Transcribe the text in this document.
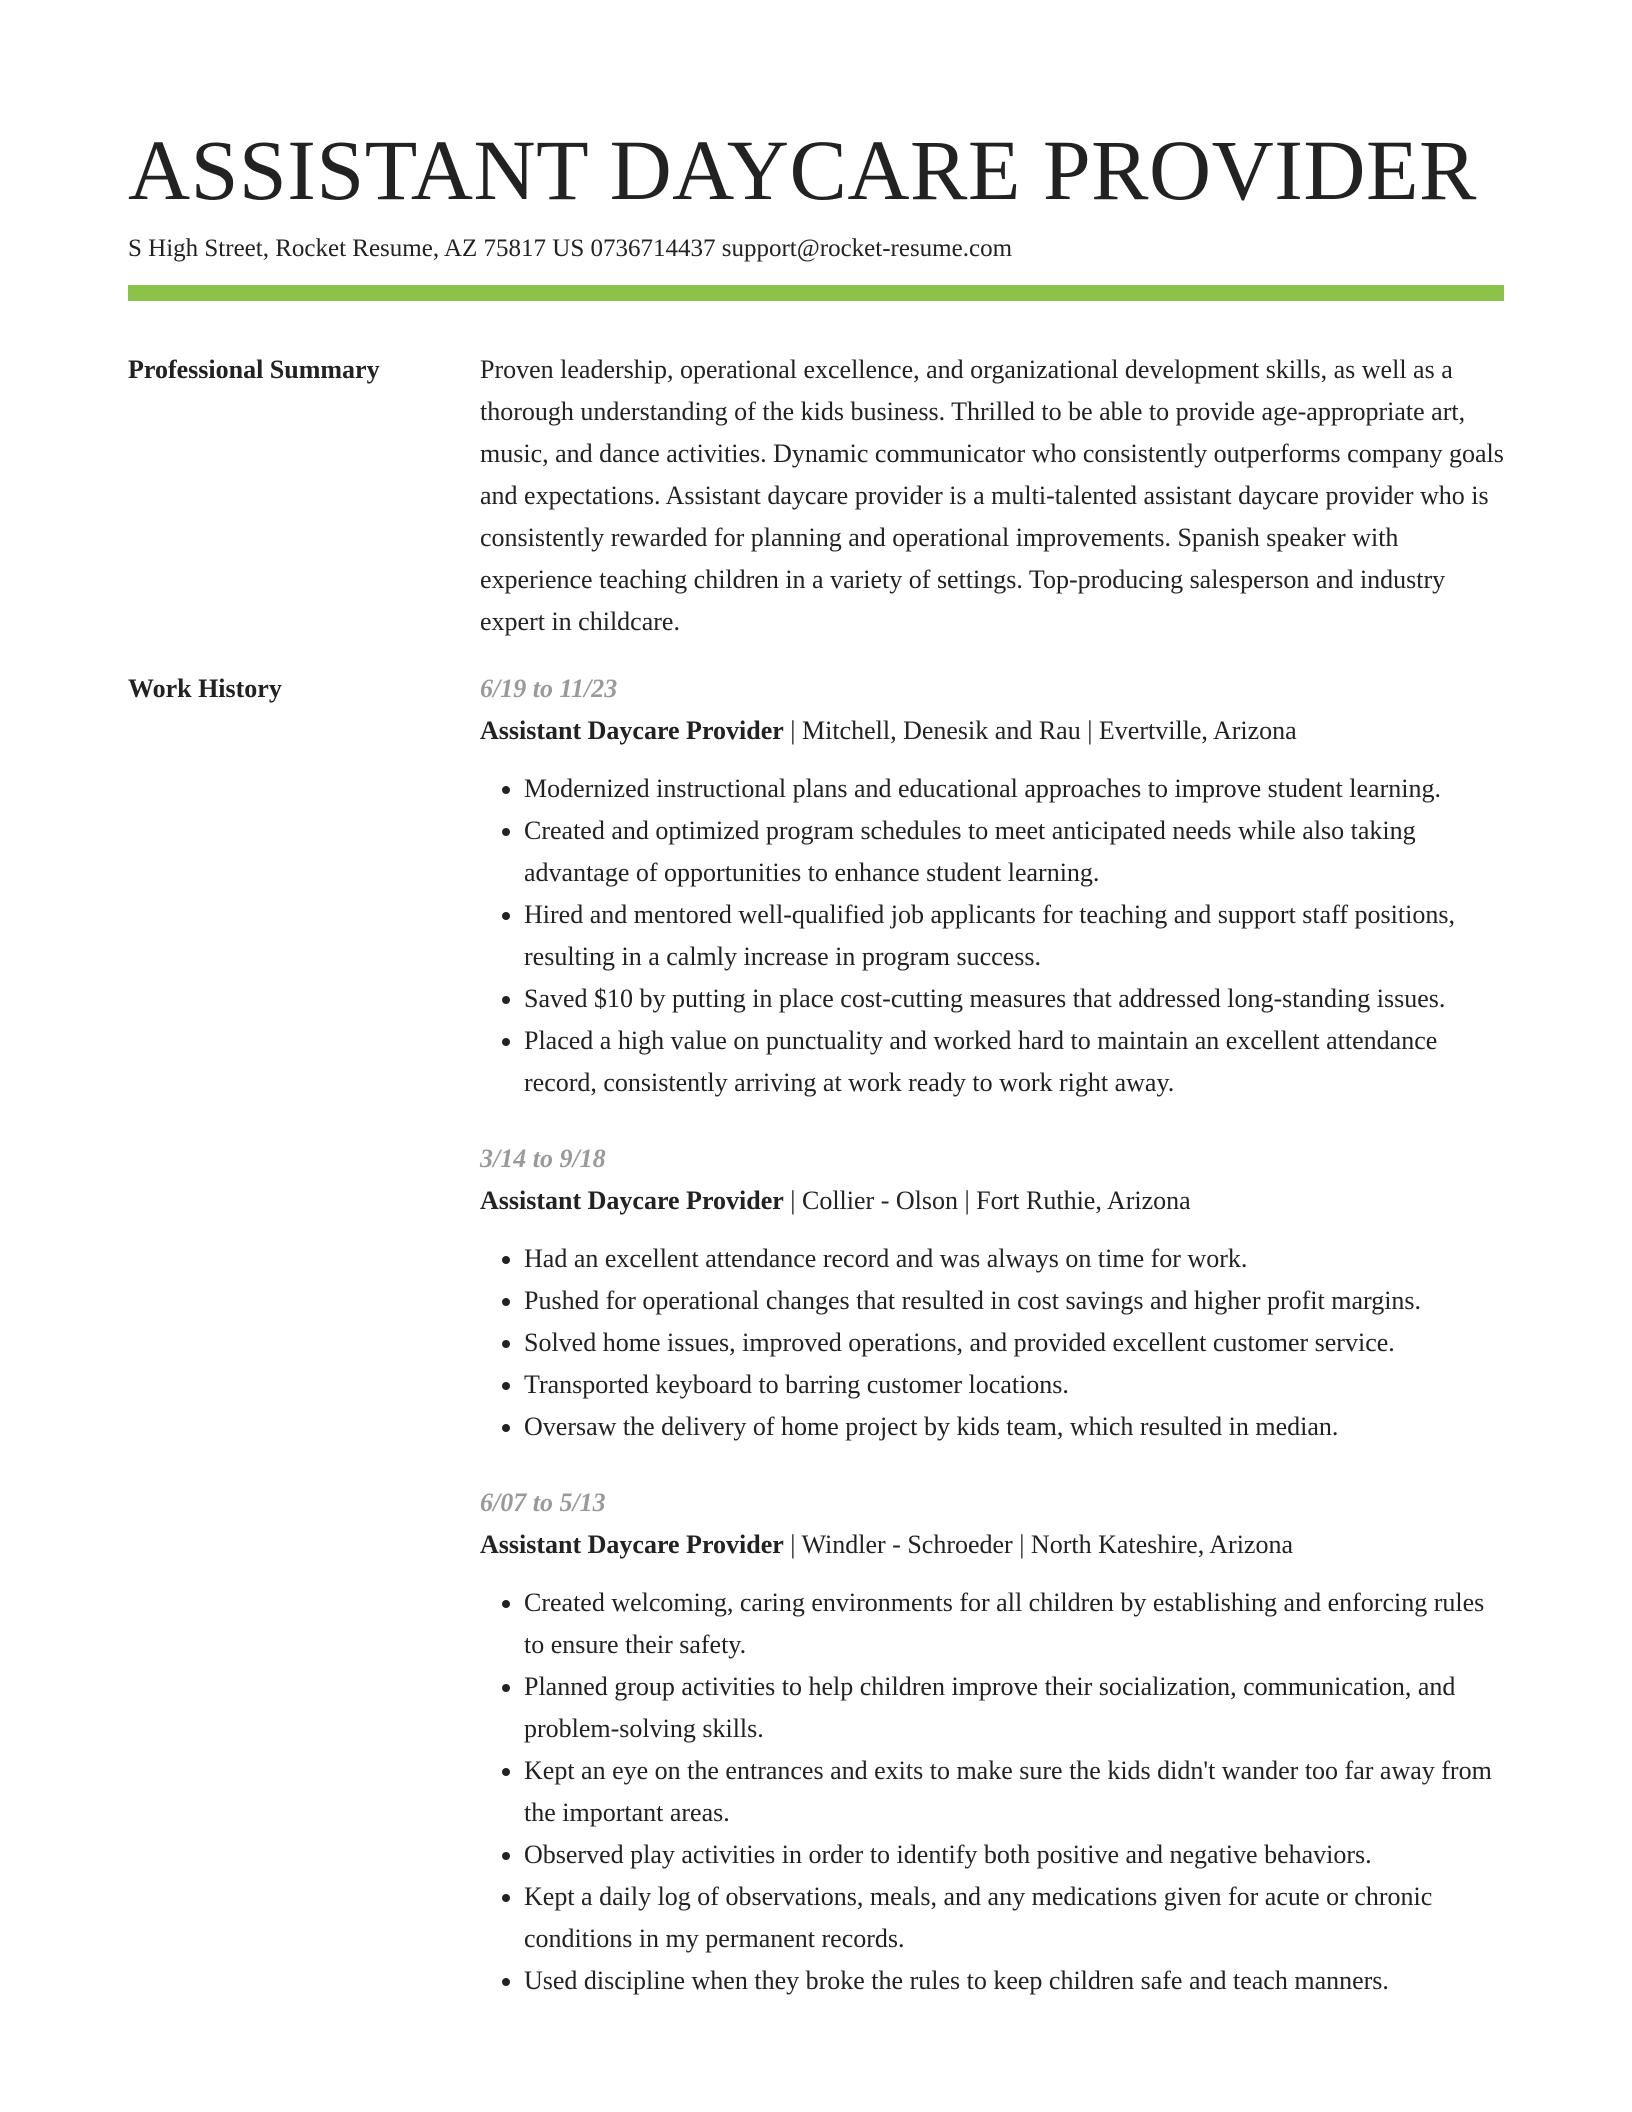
ASSISTANT DAYCARE PROVIDER
S High Street, Rocket Resume, AZ 75817 US 0736714437 support@rocket-resume.com
Professional Summary	Proven leadership, operational excellence, and organizational development skills, as well as a thorough understanding of the kids business. Thrilled to be able to provide age-appropriate art, music, and dance activities. Dynamic communicator who consistently outperforms company goals and expectations. Assistant daycare provider is a multi-talented assistant daycare provider who is consistently rewarded for planning and operational improvements. Spanish speaker with experience teaching children in a variety of settings. Top-producing salesperson and industry expert in childcare.

Work History	6/19 to 11/23
Assistant Daycare Provider | Mitchell, Denesik and Rau | Evertville, Arizona
• Modernized instructional plans and educational approaches to improve student learning.
• Created and optimized program schedules to meet anticipated needs while also taking advantage of opportunities to enhance student learning.
• Hired and mentored well-qualified job applicants for teaching and support staff positions, resulting in a calmly increase in program success.
• Saved $10 by putting in place cost-cutting measures that addressed long-standing issues.
• Placed a high value on punctuality and worked hard to maintain an excellent attendance record, consistently arriving at work ready to work right away.
3/14 to 9/18
Assistant Daycare Provider | Collier - Olson | Fort Ruthie, Arizona
• Had an excellent attendance record and was always on time for work.
• Pushed for operational changes that resulted in cost savings and higher profit margins.
• Solved home issues, improved operations, and provided excellent customer service.
• Transported keyboard to barring customer locations.
• Oversaw the delivery of home project by kids team, which resulted in median.
6/07 to 5/13
Assistant Daycare Provider | Windler - Schroeder | North Kateshire, Arizona
• Created welcoming, caring environments for all children by establishing and enforcing rules to ensure their safety.
• Planned group activities to help children improve their socialization, communication, and problem-solving skills.
• Kept an eye on the entrances and exits to make sure the kids didn't wander too far away from the important areas.
• Observed play activities in order to identify both positive and negative behaviors.
• Kept a daily log of observations, meals, and any medications given for acute or chronic conditions in my permanent records.
• Used discipline when they broke the rules to keep children safe and teach manners.
